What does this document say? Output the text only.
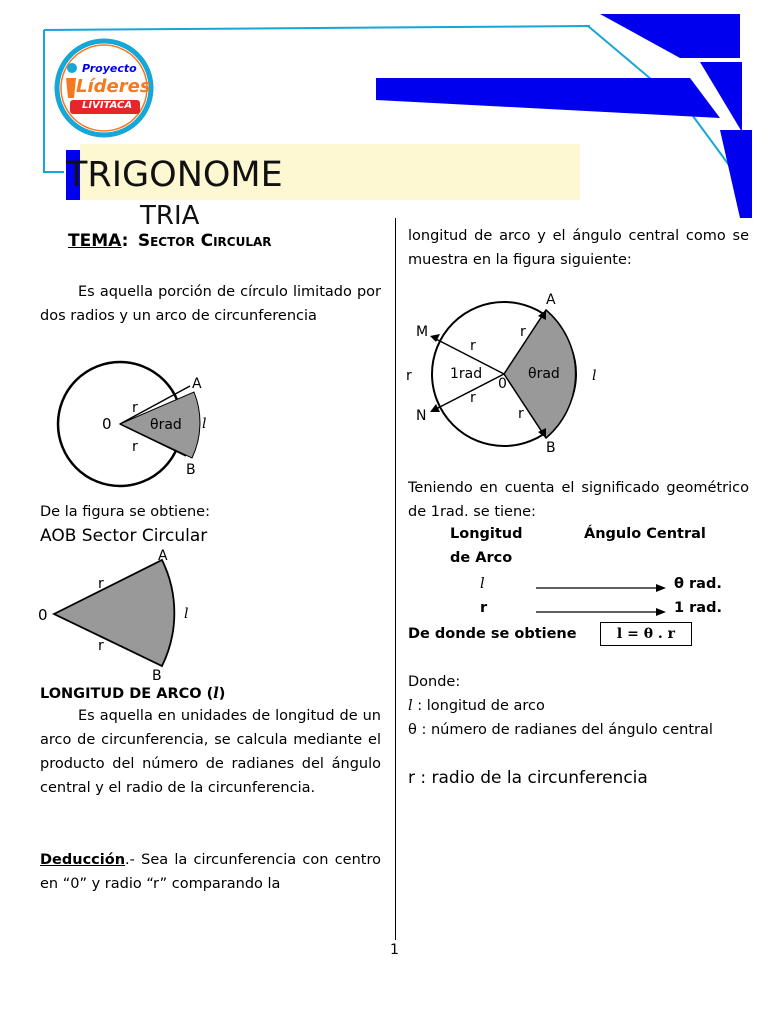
Proyecto
Líderes
LIVITACA
TRIGONOME
TRIA
TEMA: Sector Circular

Es aquella porción de círculo limitado por dos radios y un arco de circunferencia

0
r
r
θrad
A
B
l
De la figura se obtiene:
AOB Sector Circular
0
r
r
A
B
l
LONGITUD DE ARCO (l)

Es aquella en unidades de longitud de un arco de circunferencia, se calcula mediante el producto del número de radianes del ángulo central y el radio de la circunferencia.

Deducción.- Sea la circunferencia con centro en “0” y radio “r” comparando la

longitud de arco y el ángulo central como se muestra en la figura siguiente:

M
N
A
B
0
1rad	θrad
r
r
r
r
r
l

Teniendo en cuenta el significado geométrico de 1rad. se tiene:

Longitud
de Arco
Ángulo Central
l	θ rad.
r	1 rad.
De donde se obtiene	l = θ . r
Donde:
l : longitud de arco

θ : número de radianes del ángulo central

r : radio de la circunferencia
1
